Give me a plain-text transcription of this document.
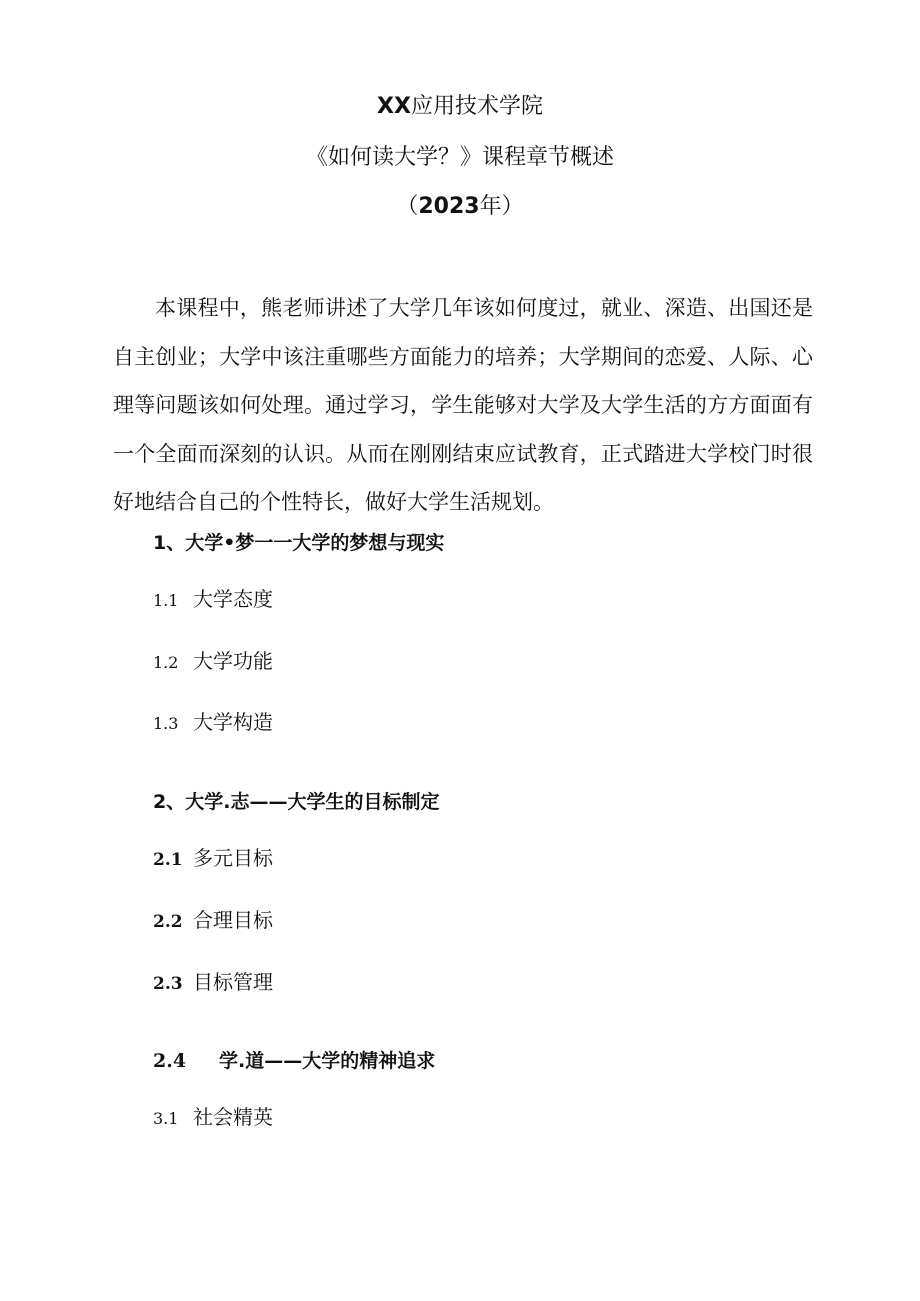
XX应用技术学院
《如何读大学？》课程章节概述
（2023年）

本课程中，熊老师讲述了大学几年该如何度过，就业、深造、出国还是自主创业；大学中该注重哪些方面能力的培养；大学期间的恋爱、人际、心理等问题该如何处理。通过学习，学生能够对大学及大学生活的方方面面有一个全面而深刻的认识。从而在刚刚结束应试教育，正式踏进大学校门时很好地结合自己的个性特长，做好大学生活规划。

1、大学•梦一一大学的梦想与现实
1.1 大学态度
1.2 大学功能
1.3 大学构造
2、大学.志——大学生的目标制定
2.1 多元目标
2.2 合理目标
2.3 目标管理
2.4 学.道——大学的精神追求
3.1 社会精英
